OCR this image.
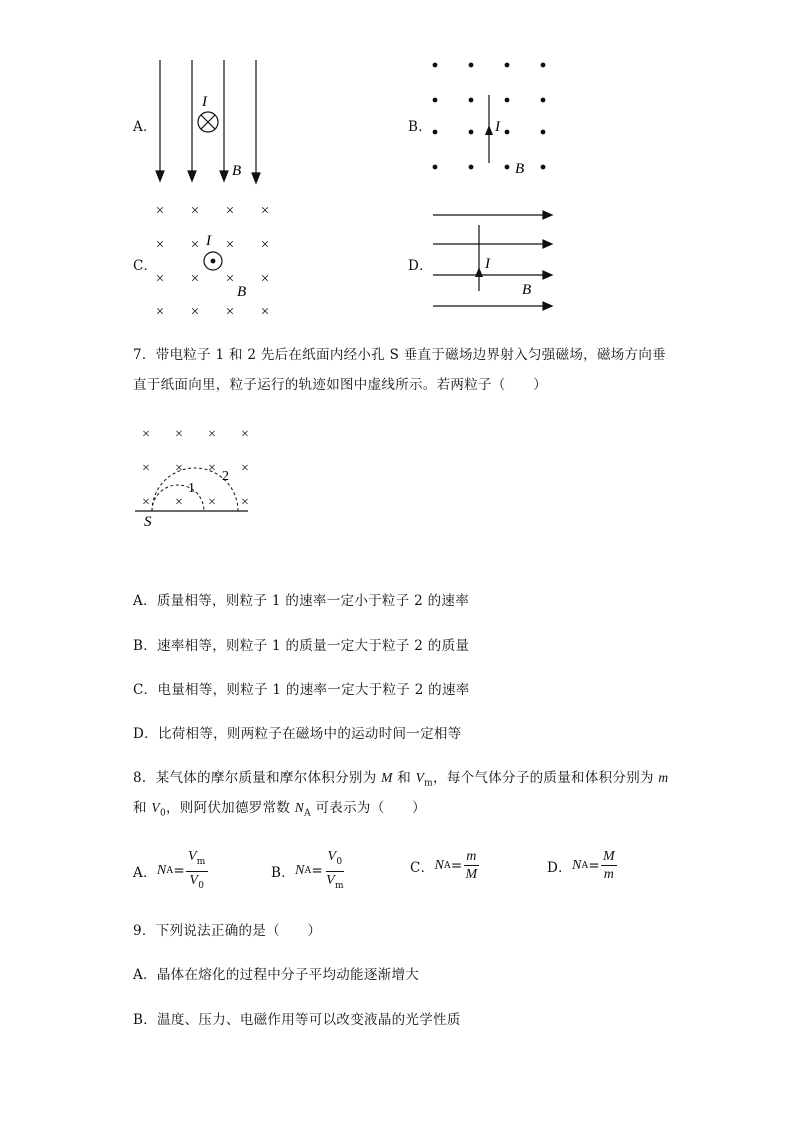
A．
I
B
B．	I
B
C．
× × × ×
× × × ×
× × × ×
× × × ×
I
B
D．	I
B
7．带电粒子 1 和 2 先后在纸面内经小孔 S 垂直于磁场边界射入匀强磁场，磁场方向垂
直于纸面向里，粒子运行的轨迹如图中虚线所示。若两粒子（　　）
× × × ×
× × × ×
× × × ×
1
2
S
A．质量相等，则粒子 1 的速率一定小于粒子 2 的速率
B．速率相等，则粒子 1 的质量一定大于粒子 2 的质量
C．电量相等，则粒子 1 的速率一定大于粒子 2 的速率
D．比荷相等，则两粒子在磁场中的运动时间一定相等
8．某气体的摩尔质量和摩尔体积分别为 M 和 $V_m$，每个气体分子的质量和体积分别为 m
和 $V_0$，则阿伏加德罗常数 $N_A$ 可表示为（　　）
A． N $A = \frac{V_m}{V_0}$	B． N $A = \frac{V_0}{V_m}$	C． N $A = \frac{m}{M}$	D． N $A = \frac{M}{m}$
9．下列说法正确的是（　　）
A．晶体在熔化的过程中分子平均动能逐渐增大
B．温度、压力、电磁作用等可以改变液晶的光学性质
